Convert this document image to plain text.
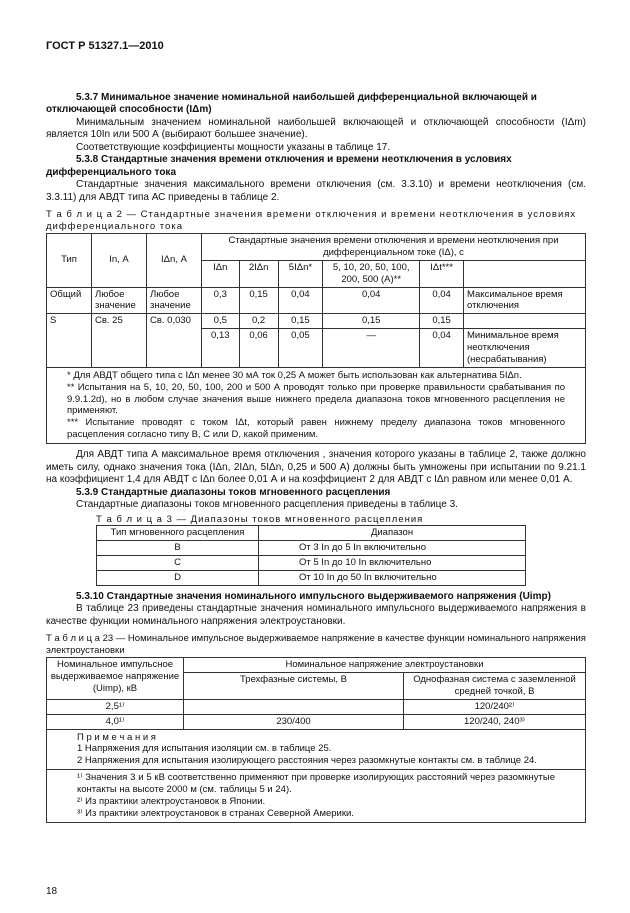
ГОСТ Р 51327.1—2010

5.3.7 Минимальное значение номинальной наибольшей дифференциальной включающей и отключающей способности (IΔm)

Минимальным значением номинальной наибольшей включающей и отключающей способности (IΔm) является 10In или 500 А (выбирают большее значение).

Соответствующие коэффициенты мощности указаны в таблице 17.

5.3.8 Стандартные значения времени отключения и времени неотключения в условиях дифференциального тока

Стандартные значения максимального времени отключения (см. 3.3.10) и времени неотключения (см. 3.3.11) для АВДТ типа АС приведены в таблице 2.

Т а б л и ц а 2 — Стандартные значения времени отключения и времени неотключения в условиях дифференциального тока

Тип	In, А	IΔn, А	Стандартные значения времени отключения и времени неотключения при дифференциальном токе (IΔ), с					
			IΔn	2IΔn	5IΔn*	5, 10, 20, 50, 100, 200, 500 (А)**	IΔt***	
Общий	Любое значение	Любое значение	0,3	0,15	0,04	0,04	0,04	Максимальное время отключения
S	Св. 25	Св. 0,030	0,5	0,2	0,15	0,15	0,15	
			0,13	0,06	0,05	—	0,04	Минимальное время неотключения (несрабатывания)

* Для АВДТ общего типа с IΔn менее 30 мА ток 0,25 А может быть использован как альтернатива 5IΔn.

** Испытания на 5, 10, 20, 50, 100, 200 и 500 А проводят только при проверке правильности срабатывания по 9.9.1.2d), но в любом случае значения выше нижнего предела диапазона токов мгновенного расцепления не применяют.

*** Испытание проводят с током IΔt, который равен нижнему пределу диапазона токов мгновенного расцепления согласно типу В, С или D, какой применим.								

Для АВДТ типа А максимальное время отключения , значения которого указаны в таблице 2, также должно иметь силу, однако значения тока (IΔn, 2IΔn, 5IΔn, 0,25 и 500 А) должны быть умножены при испытании по 9.21.1 на коэффициент 1,4 для АВДТ с IΔn более 0,01 А и на коэффициент 2 для АВДТ с IΔn равном или менее 0,01 А.

5.3.9 Стандартные диапазоны токов мгновенного расцепления

Стандартные диапазоны токов мгновенного расцепления приведены в таблице 3.

Т а б л и ц а 3 — Диапазоны токов мгновенного расцепления

Тип мгновенного расцепления	Диапазон
B	От 3 In до 5 In включительно
C	От 5 In до 10 In включительно
D	От 10 In до 50 In включительно

5.3.10 Стандартные значения номинального импульсного выдерживаемого напряжения (Uimp)

В таблице 23 приведены стандартные значения номинального импульсного выдерживаемого напряжения в качестве функции номинального напряжения электроустановки.

Т а б л и ц а 23 — Номинальное импульсное выдерживаемое напряжение в качестве функции номинального напряжения электроустановки

Номинальное импульсное выдерживаемое напряжение (Uimp), кВ	Номинальное напряжение электроустановки	
	Трехфазные системы, В	Однофазная система с заземленной средней точкой, В
2,5¹⁾		120/240²⁾
4,0¹⁾	230/400	120/240, 240³⁾

П р и м е ч а н и я

1 Напряжения для испытания изоляции см. в таблице 25.

2 Напряжения для испытания изолирующего расстояния через разомкнутые контакты см. в таблице 24.		

¹⁾ Значения 3 и 5 кВ соответственно применяют при проверке изолирующих расстояний через разомкнутые контакты на высоте 2000 м (см. таблицы 5 и 24).

²⁾ Из практики электроустановок в Японии.

³⁾ Из практики электроустановок в странах Северной Америки.		

18
